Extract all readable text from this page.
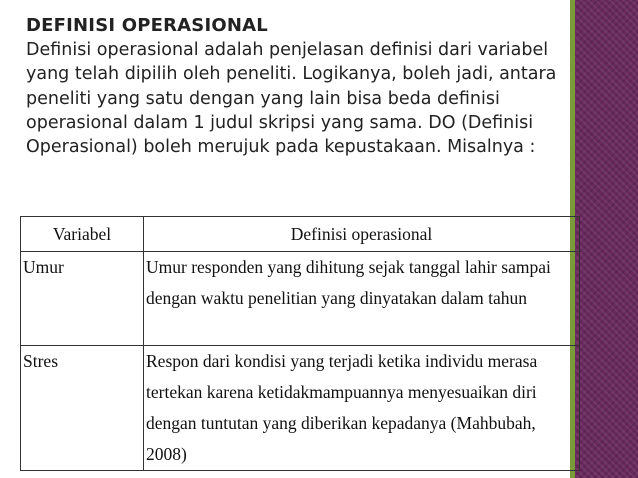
DEFINISI OPERASIONAL
Definisi operasional adalah penjelasan definisi dari variabel yang telah dipilih oleh peneliti. Logikanya, boleh jadi, antara peneliti yang satu dengan yang lain bisa beda definisi operasional dalam 1 judul skripsi yang sama. DO (Definisi Operasional) boleh merujuk pada kepustakaan. Misalnya :
Variabel	Definisi operasional
Umur	Umur responden yang dihitung sejak tanggal lahir sampai dengan waktu penelitian yang dinyatakan dalam tahun
Stres	Respon dari kondisi yang terjadi ketika individu merasa tertekan karena ketidakmampuannya menyesuaikan diri dengan tuntutan yang diberikan kepadanya (Mahbubah, 2008)
